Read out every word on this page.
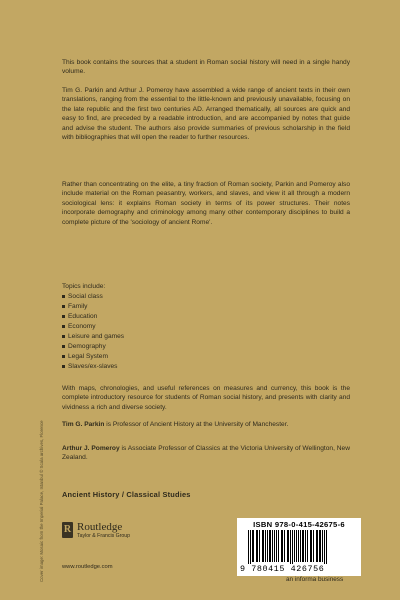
This book contains the sources that a student in Roman social history will need in a single handy volume.

Tim G. Parkin and Arthur J. Pomeroy have assembled a wide range of ancient texts in their own translations, ranging from the essential to the little-known and previously unavailable, focusing on the late republic and the first two centuries AD. Arranged thematically, all sources are quick and easy to find, are preceded by a readable introduction, and are accompanied by notes that guide and advise the student. The authors also provide summaries of previous scholarship in the field with bibliographies that will open the reader to further resources.

Rather than concentrating on the elite, a tiny fraction of Roman society, Parkin and Pomeroy also include material on the Roman peasantry, workers, and slaves, and view it all through a modern sociological lens: it explains Roman society in terms of its power structures. Their notes incorporate demography and criminology among many other contemporary disciplines to build a complete picture of the 'sociology of ancient Rome'.

Topics include:

Social class
Family
Education
Economy
Leisure and games
Demography
Legal System
Slaves/ex-slaves

With maps, chronologies, and useful references on measures and currency, this book is the complete introductory resource for students of Roman social history, and presents with clarity and vividness a rich and diverse society.

Tim G. Parkin is Professor of Ancient History at the University of Manchester.

Arthur J. Pomeroy is Associate Professor of Classics at the Victoria University of Wellington, New Zealand.

Ancient History / Classical Studies

Cover image: Mosaic from the Imperial Palace, Istanbul © Scala archives, Florence R Routledge
Taylor & Francis Group
www.routledge.com
ISBN 978-0-415-42675-6
9 780415 426756
an informa business
